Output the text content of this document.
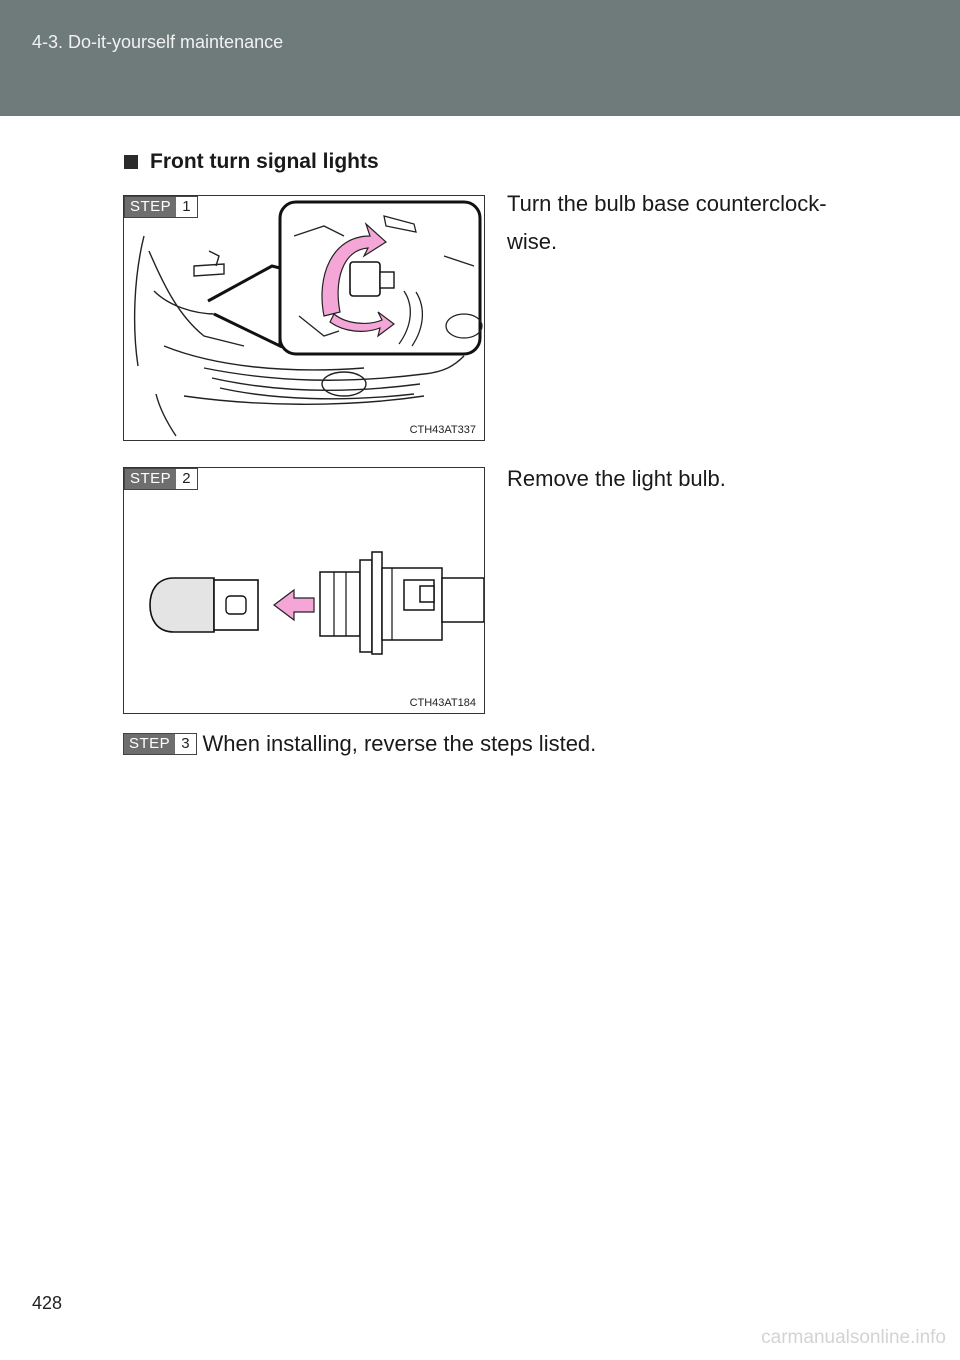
4-3. Do-it-yourself maintenance
Front turn signal lights
STEP 1
CTH43AT337
Turn the bulb base counterclock-wise.
STEP 2
CTH43AT184
Remove the light bulb.
STEP 3 When installing, reverse the steps listed.
428
carmanualsonline.info
